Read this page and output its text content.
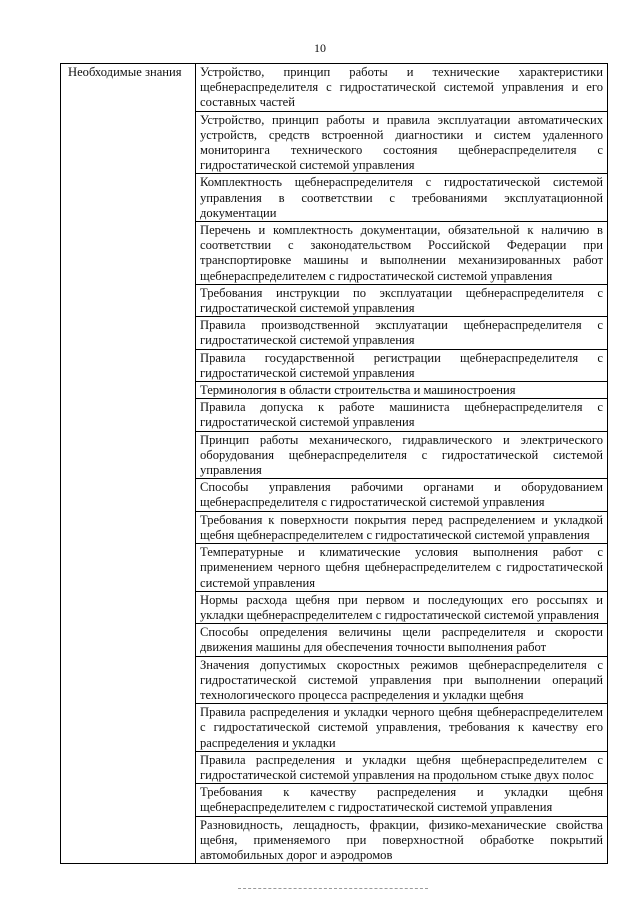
10
Необходимые знания	Устройство, принцип работы и технические характеристики щебнераспределителя с гидростатической системой управления и его составных частей
Устройство, принцип работы и правила эксплуатации автоматических устройств, средств встроенной диагностики и систем удаленного мониторинга технического состояния щебнераспределителя с гидростатической системой управления
Комплектность щебнераспределителя с гидростатической системой управления в соответствии с требованиями эксплуатационной документации
Перечень и комплектность документации, обязательной к наличию в соответствии с законодательством Российской Федерации при транспортировке машины и выполнении механизированных работ щебнераспределителем с гидростатической системой управления
Требования инструкции по эксплуатации щебнераспределителя с гидростатической системой управления
Правила производственной эксплуатации щебнераспределителя с гидростатической системой управления
Правила государственной регистрации щебнераспределителя с гидростатической системой управления
Терминология в области строительства и машиностроения
Правила допуска к работе машиниста щебнераспределителя с гидростатической системой управления
Принцип работы механического, гидравлического и электрического оборудования щебнераспределителя с гидростатической системой управления
Способы управления рабочими органами и оборудованием щебнераспределителя с гидростатической системой управления
Требования к поверхности покрытия перед распределением и укладкой щебня щебнераспределителем с гидростатической системой управления
Температурные и климатические условия выполнения работ с применением черного щебня щебнераспределителем с гидростатической системой управления
Нормы расхода щебня при первом и последующих его россыпях и укладки щебнераспределителем с гидростатической системой управления
Способы определения величины щели распределителя и скорости движения машины для обеспечения точности выполнения работ
Значения допустимых скоростных режимов щебнераспределителя с гидростатической системой управления при выполнении операций технологического процесса распределения и укладки щебня
Правила распределения и укладки черного щебня щебнераспределителем с гидростатической системой управления, требования к качеству его распределения и укладки
Правила распределения и укладки щебня щебнераспределителем с гидростатической системой управления на продольном стыке двух полос
Требования к качеству распределения и укладки щебня щебнераспределителем с гидростатической системой управления
Разновидность, лещадность, фракции, физико-механические свойства щебня, применяемого при поверхностной обработке покрытий автомобильных дорог и аэродромов
